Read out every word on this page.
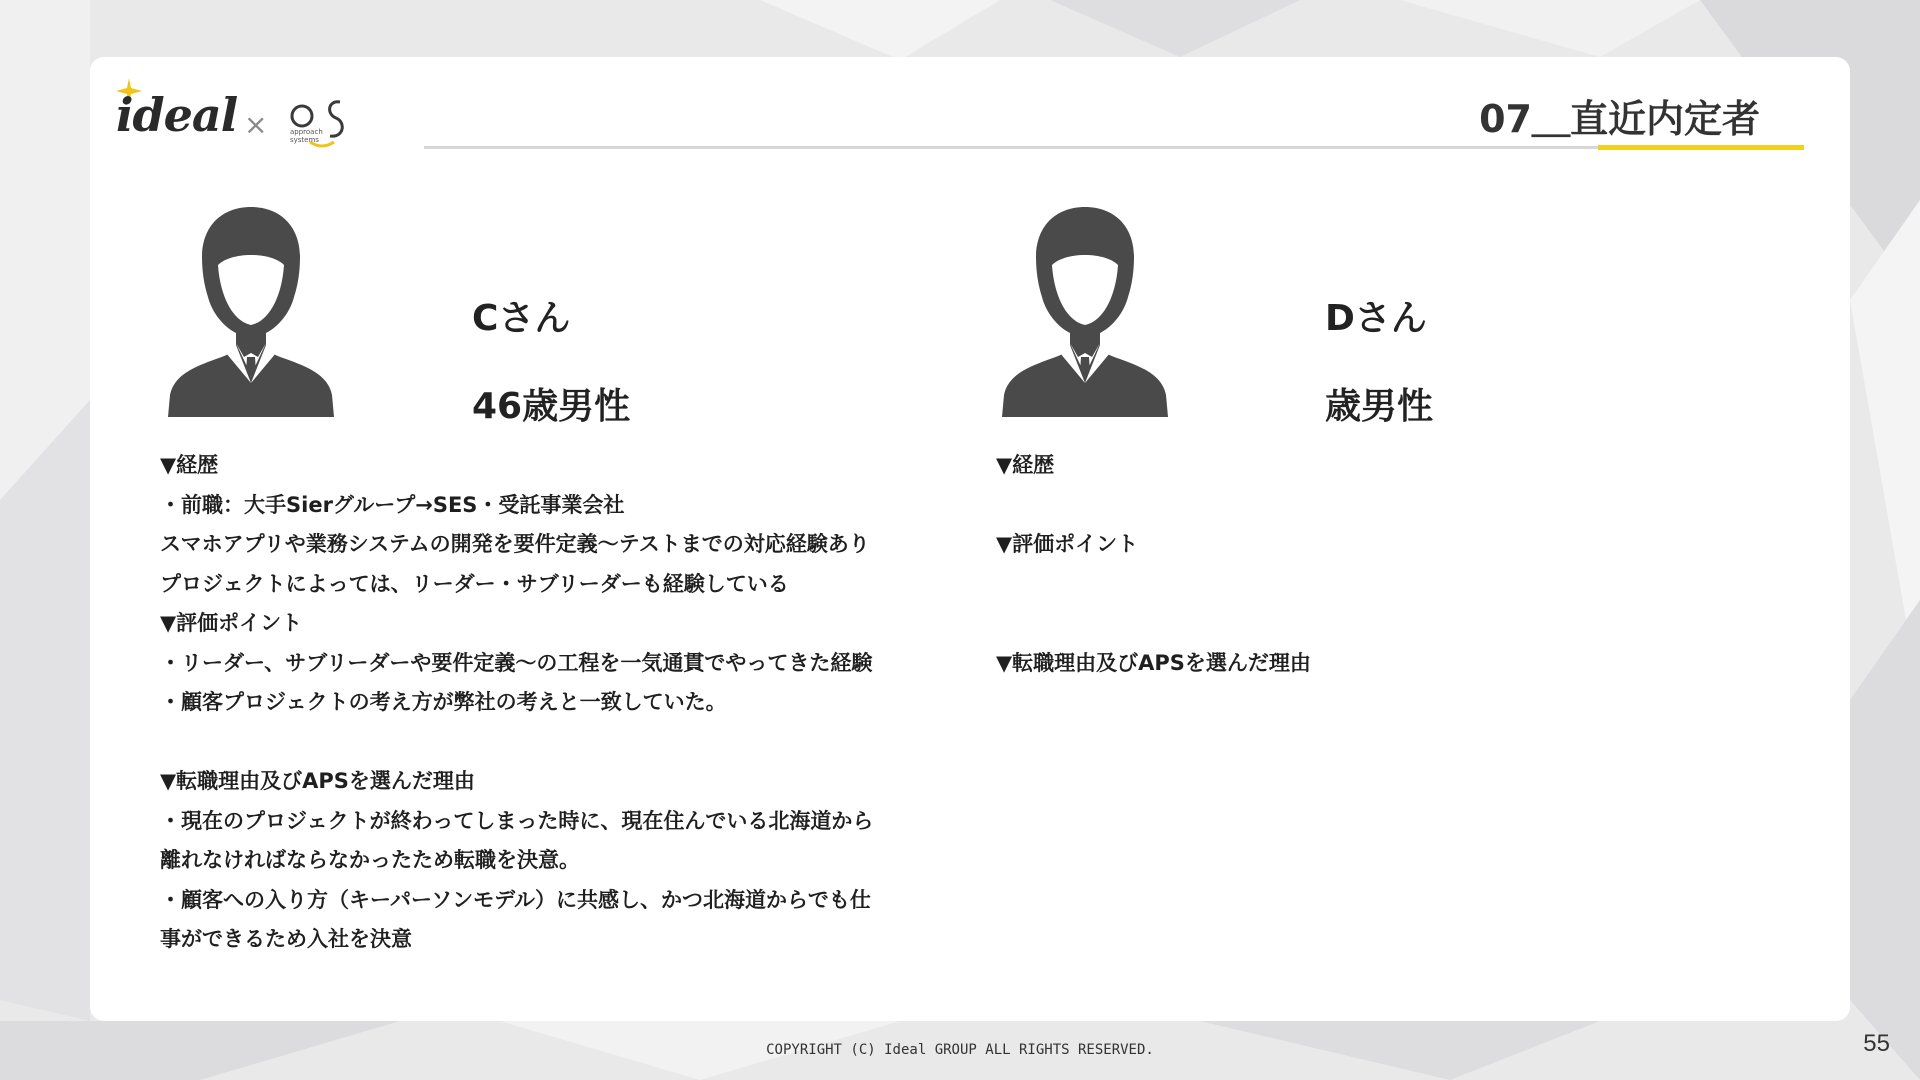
ideal ×	approach
systems	07＿直近内定者
Cさん
46歳男性
▼経歴
・前職：大手Sierグループ→SES・受託事業会社
スマホアプリや業務システムの開発を要件定義～テストまでの対応経験あり
プロジェクトによっては、リーダー・サブリーダーも経験している
▼評価ポイント
・リーダー、サブリーダーや要件定義～の工程を一気通貫でやってきた経験
・顧客プロジェクトの考え方が弊社の考えと一致していた。
▼転職理由及びAPSを選んだ理由
・現在のプロジェクトが終わってしまった時に、現在住んでいる北海道から
離れなければならなかったため転職を決意。
・顧客への入り方（キーパーソンモデル）に共感し、かつ北海道からでも仕
事ができるため入社を決意
Dさん
歳男性
▼経歴
▼評価ポイント
▼転職理由及びAPSを選んだ理由
COPYRIGHT (C) Ideal GROUP ALL RIGHTS RESERVED.	55
